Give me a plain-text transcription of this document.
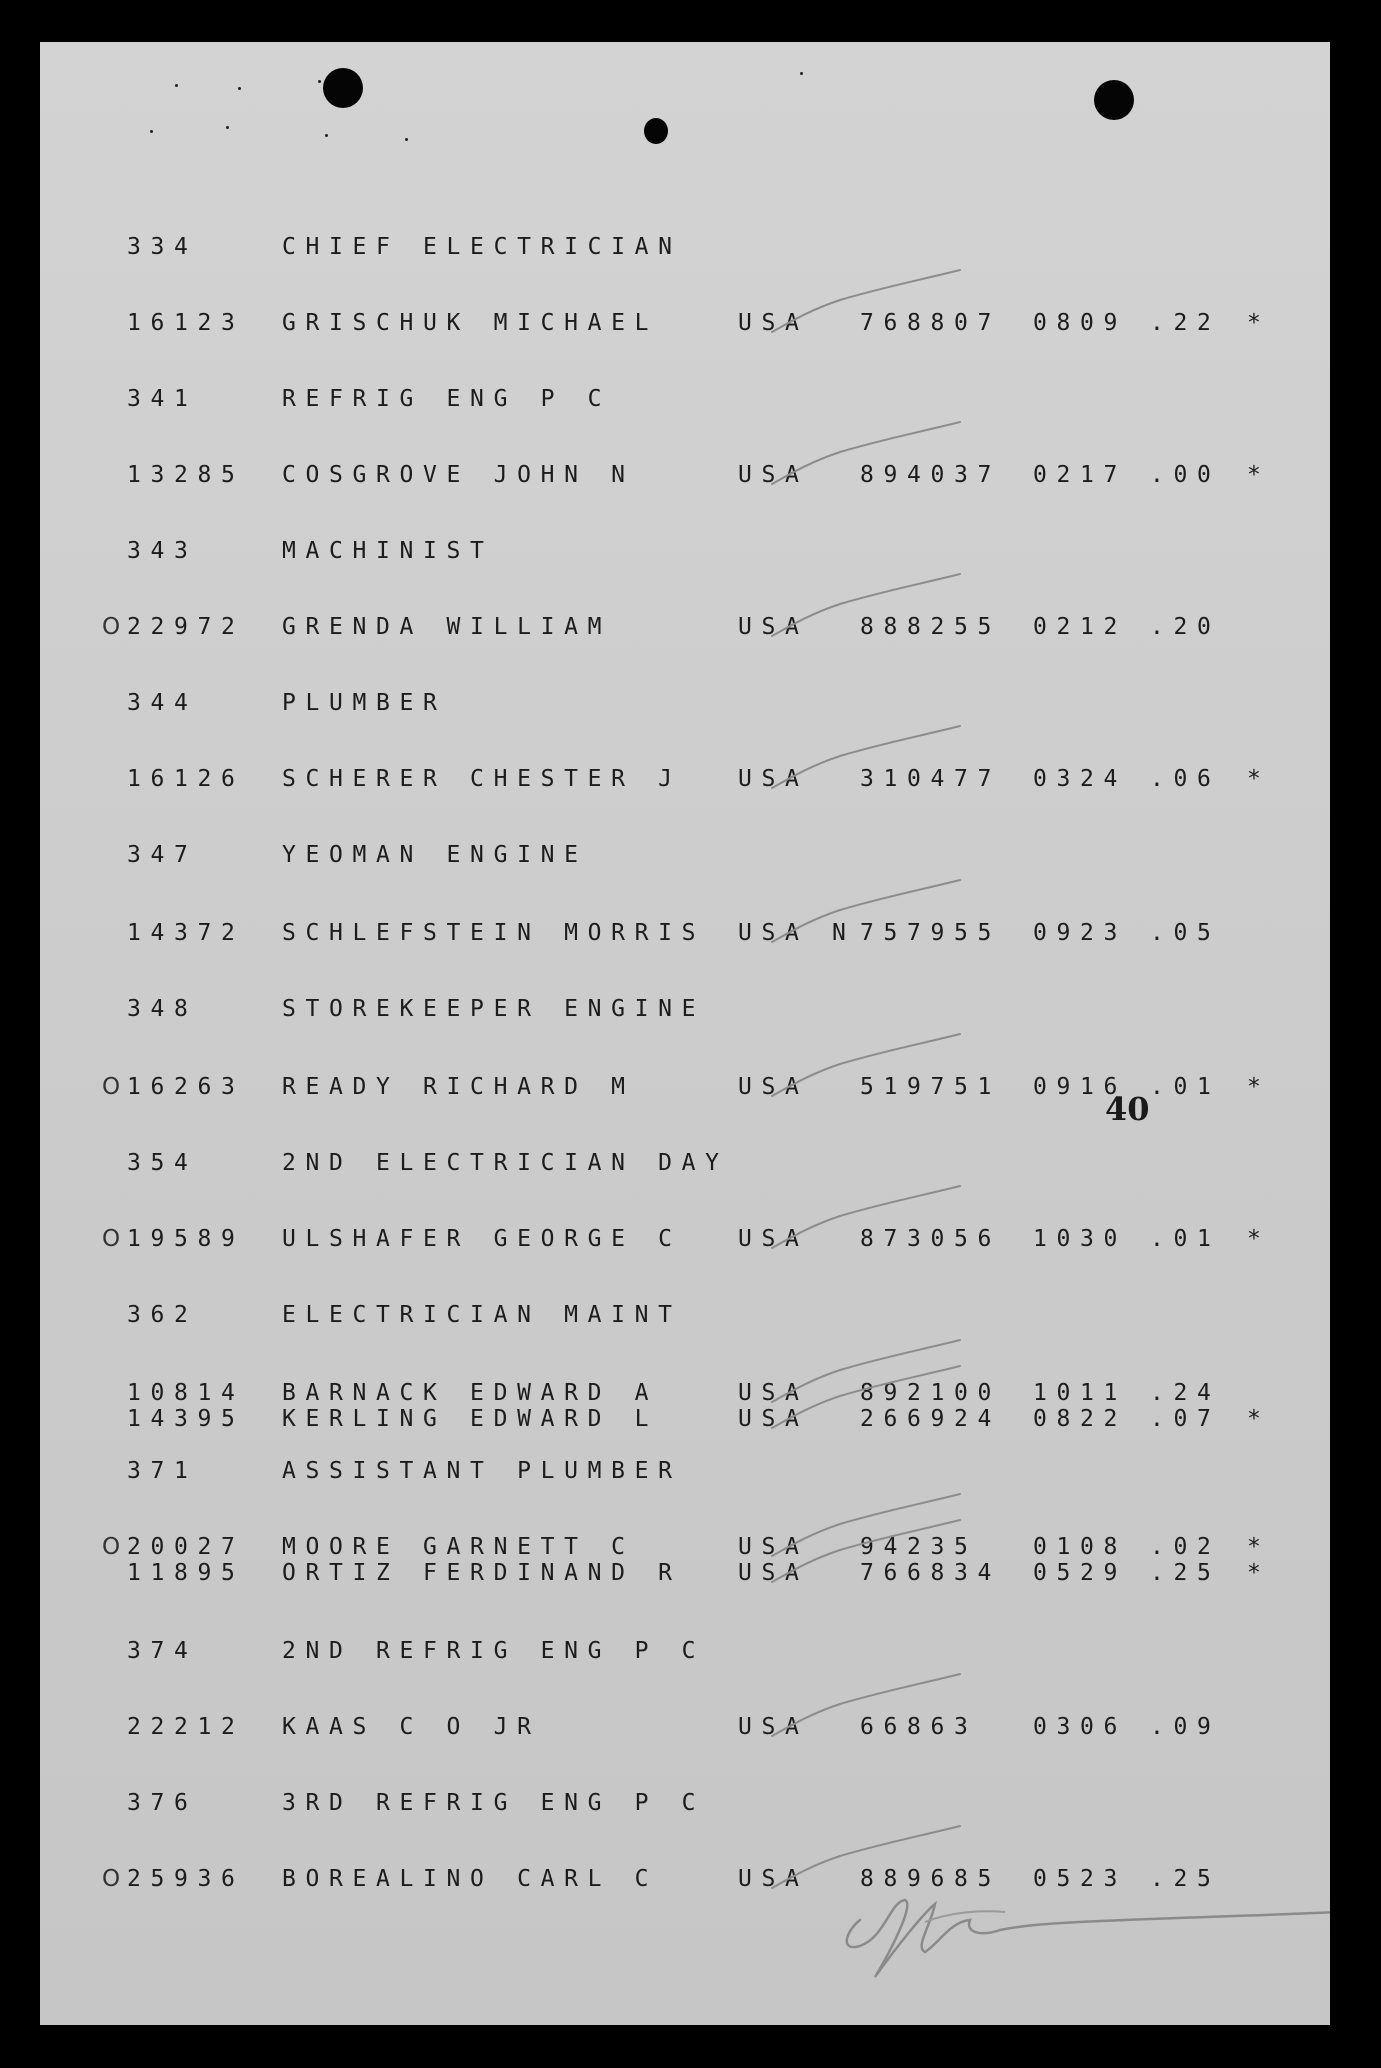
334	CHIEF ELECTRICIAN
16123 GRISCHUK MICHAEL	USA 768807 0809 .22 *
341	REFRIG ENG P C
13285 COSGROVE JOHN N	USA 894037 0217 .00 *
343	MACHINIST
O
22972 GRENDA WILLIAM	USA 888255 0212 .20
344	PLUMBER
16126 SCHERER CHESTER J USA 310477 0324 .06 *
347	YEOMAN ENGINE
14372 SCHLEFSTEIN MORRIS USA N 757955 0923 .05
348	STOREKEEPER ENGINE
O
16263 READY RICHARD M	USA 519751 0916 .01 *
354	2ND ELECTRICIAN DAY
O
19589 ULSHAFER GEORGE C USA 873056 1030 .01 *
362	ELECTRICIAN MAINT
10814 BARNACK EDWARD A	USA 892100 1011 .24
14395 KERLING EDWARD L	USA 266924 0822 .07 *
371	ASSISTANT PLUMBER
O
20027 MOORE GARNETT C	USA 94235 0108 .02 *
11895 ORTIZ FERDINAND R USA 766834 0529 .25 *
374	2ND REFRIG ENG P C
22212 KAAS C O JR	USA 66863 0306 .09
376	3RD REFRIG ENG P C
O
25936 BOREALINO CARL C	USA 889685 0523 .25
40
